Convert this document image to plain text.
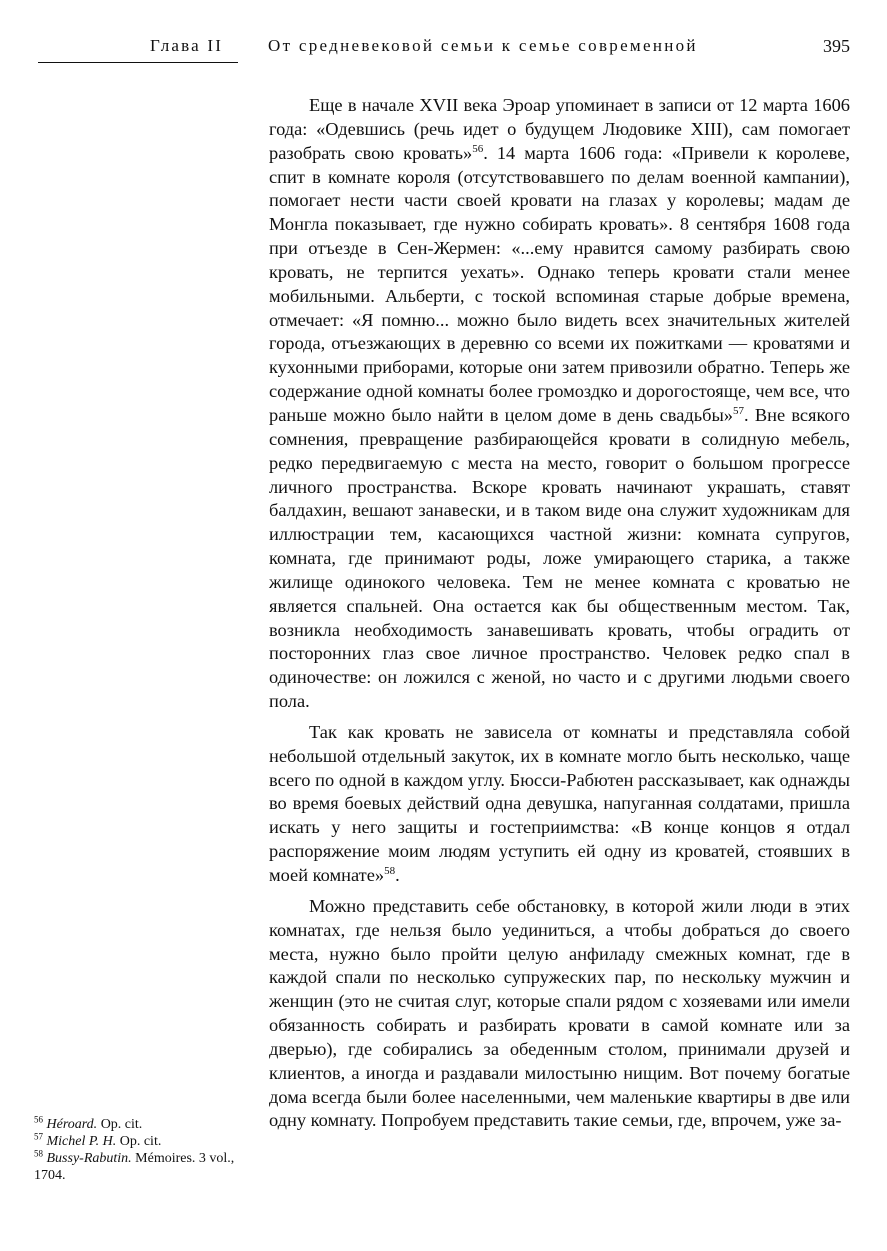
Глава II	От средневековой семьи к семье современной	395

Еще в начале XVII века Эроар упоминает в записи от 12 марта 1606 года: «Одевшись (речь идет о будущем Людовике XIII), сам помогает разобрать свою кровать»$^{56}$. 14 марта 1606 года: «Привели к королеве, спит в комнате короля (отсутствовавшего по делам военной кампании), помогает нести части своей кровати на глазах у королевы; мадам де Монгла показывает, где нужно собирать кровать». 8 сентября 1608 года при отъезде в Сен-Жермен: «...ему нравится самому разбирать свою кровать, не терпится уехать». Однако теперь кровати стали менее мобильными. Альберти, с тоской вспоминая старые добрые времена, отмечает: «Я помню... можно было видеть всех значительных жителей города, отъезжающих в деревню со всеми их пожитками — кроватями и кухонными приборами, которые они затем привозили обратно. Теперь же содержание одной комнаты более громоздко и дорогостояще, чем все, что раньше можно было найти в целом доме в день свадьбы»$^{57}$. Вне всякого сомнения, превращение разбирающейся кровати в солидную мебель, редко передвигаемую с места на место, говорит о большом прогрессе личного пространства. Вскоре кровать начинают украшать, ставят балдахин, вешают занавески, и в таком виде она служит художникам для иллюстрации тем, касающихся частной жизни: комната супругов, комната, где принимают роды, ложе умирающего старика, а также жилище одинокого человека. Тем не менее комната с кроватью не является спальней. Она остается как бы общественным местом. Так, возникла необходимость занавешивать кровать, чтобы оградить от посторонних глаз свое личное пространство. Человек редко спал в одиночестве: он ложился с женой, но часто и с другими людьми своего пола.

Так как кровать не зависела от комнаты и представляла собой небольшой отдельный закуток, их в комнате могло быть несколько, чаще всего по одной в каждом углу. Бюсси-Рабютен рассказывает, как однажды во время боевых действий одна девушка, напуганная солдатами, пришла искать у него защиты и гостеприимства: «В конце концов я отдал распоряжение моим людям уступить ей одну из кроватей, стоявших в моей комнате»$^{58}$.

Можно представить себе обстановку, в которой жили люди в этих комнатах, где нельзя было уединиться, а чтобы добраться до своего места, нужно было пройти целую анфиладу смежных комнат, где в каждой спали по несколько супружеских пар, по нескольку мужчин и женщин (это не считая слуг, которые спали рядом с хозяевами или имели обязанность собирать и разбирать кровати в самой комнате или за дверью), где собирались за обеденным столом, принимали друзей и клиентов, а иногда и раздавали милостыню нищим. Вот почему богатые дома всегда были более населенными, чем маленькие квартиры в две или одну комнату. Попробуем представить такие семьи, где, впрочем, уже за-

$^{56}$ Héroard. Op. cit.
$^{57}$ Michel P. H. Op. cit.
$^{58}$ Bussy-Rabutin. Mémoires. 3 vol., 1704.
